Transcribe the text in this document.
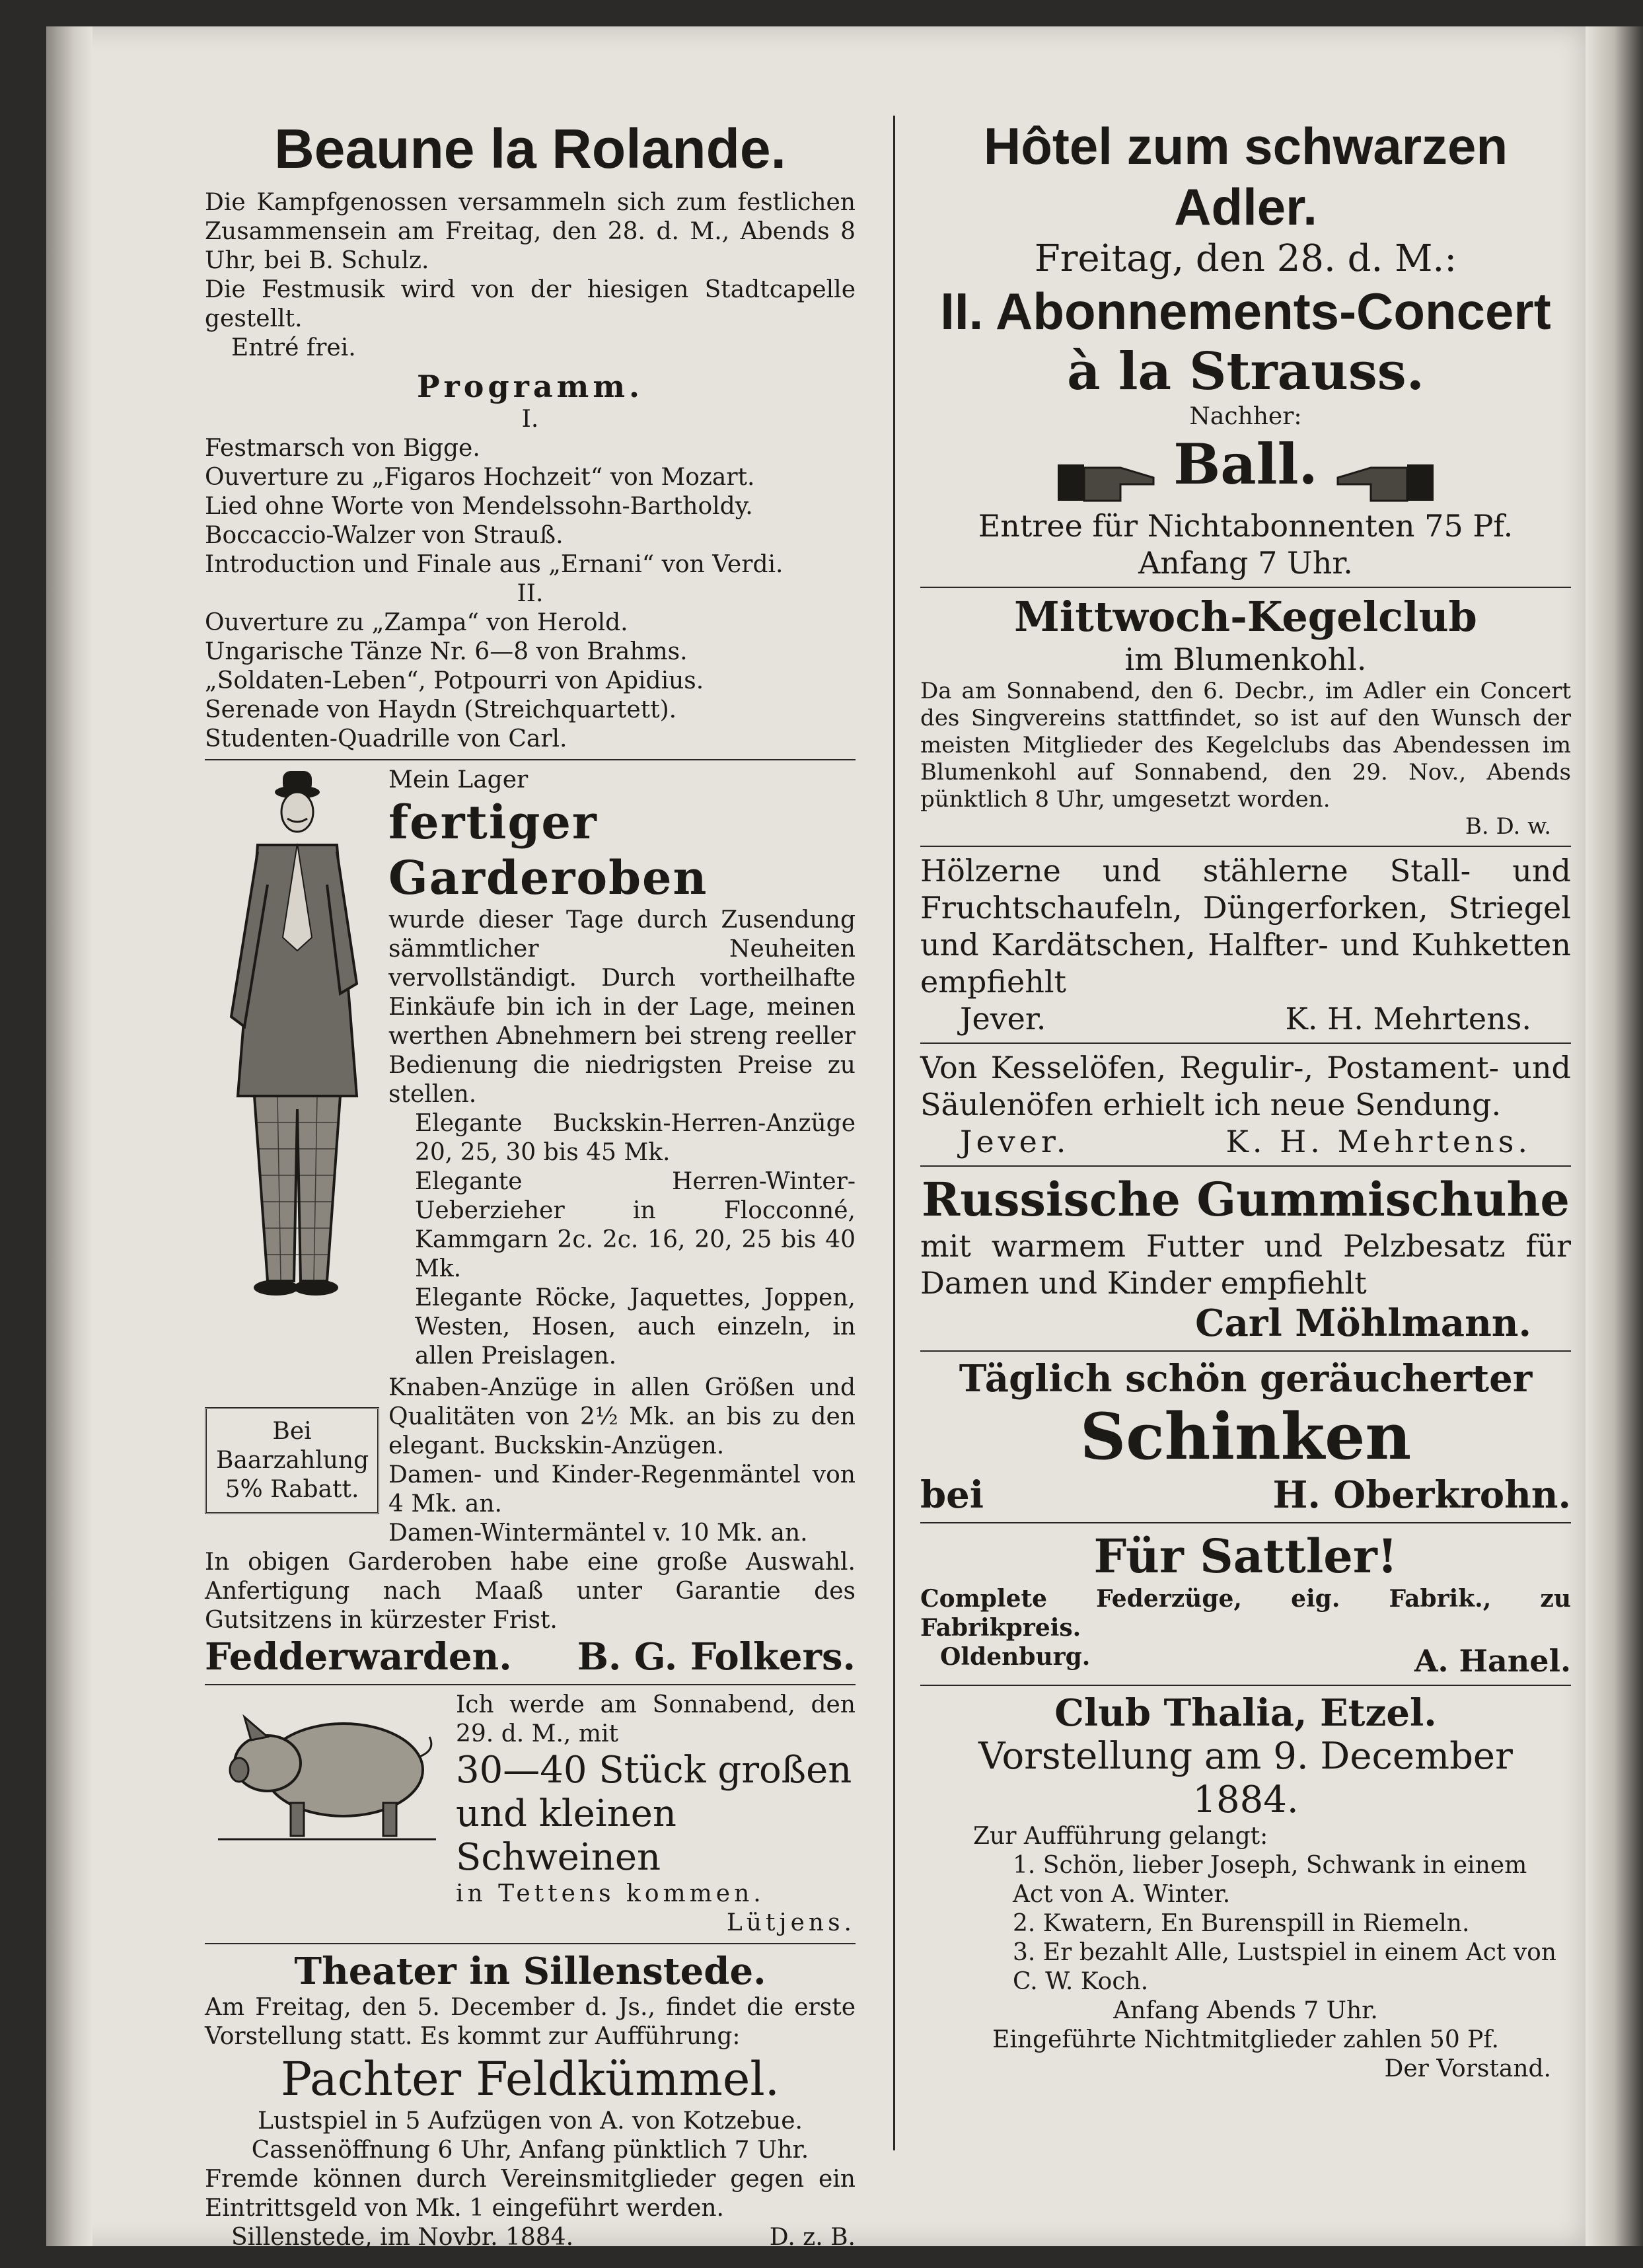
Beaune la Rolande.

Die Kampfgenossen versammeln sich zum festlichen Zusammensein am Freitag, den 28. d. M., Abends 8 Uhr, bei B. Schulz.

Die Festmusik wird von der hiesigen Stadtcapelle gestellt.

Entré frei.

Programm.

I.

Festmarsch von Bigge.

Ouverture zu „Figaros Hochzeit“ von Mozart.

Lied ohne Worte von Mendelssohn-Bartholdy.

Boccaccio-Walzer von Strauß.

Introduction und Finale aus „Ernani“ von Verdi.

II.

Ouverture zu „Zampa“ von Herold.

Ungarische Tänze Nr. 6—8 von Brahms.

„Soldaten-Leben“, Potpourri von Apidius.

Serenade von Haydn (Streichquartett).

Studenten-Quadrille von Carl.

Mein Lager

fertiger Garderoben

wurde dieser Tage durch Zusendung sämmtlicher Neuheiten vervollständigt. Durch vortheilhafte Einkäufe bin ich in der Lage, meinen werthen Abnehmern bei streng reeller Bedienung die niedrigsten Preise zu stellen.

Elegante Buckskin-Herren-Anzüge 20, 25, 30 bis 45 Mk.

Elegante Herren-Winter-Ueberzieher in Flocconné, Kammgarn 2c. 2c. 16, 20, 25 bis 40 Mk.

Elegante Röcke, Jaquettes, Joppen, Westen, Hosen, auch einzeln, in allen Preislagen.

Bei Baarzahlung 5% Rabatt.

Knaben-Anzüge in allen Größen und Qualitäten von 2½ Mk. an bis zu den elegant. Buckskin-Anzügen.

Damen- und Kinder-Regenmäntel von 4 Mk. an.

Damen-Wintermäntel v. 10 Mk. an.

In obigen Garderoben habe eine große Auswahl. Anfertigung nach Maaß unter Garantie des Gutsitzens in kürzester Frist.

Fedderwarden. B. G. Folkers.

Ich werde am Sonnabend, den 29. d. M., mit

30—40 Stück großen und kleinen Schweinen

in Tettens kommen.

Lütjens.

Theater in Sillenstede.

Am Freitag, den 5. December d. Js., findet die erste Vorstellung statt. Es kommt zur Aufführung:

Pachter Feldkümmel.

Lustspiel in 5 Aufzügen von A. von Kotzebue.

Cassenöffnung 6 Uhr, Anfang pünktlich 7 Uhr.

Fremde können durch Vereinsmitglieder gegen ein Eintrittsgeld von Mk. 1 eingeführt werden.

Sillenstede, im Novbr. 1884.	D. z. B.

Hôtel zum schwarzen Adler.

Freitag, den 28. d. M.:

II. Abonnements-Concert

à la Strauss.

Nachher:

Ball.

Entree für Nichtabonnenten 75 Pf.

Anfang 7 Uhr.

Mittwoch-Kegelclub

im Blumenkohl.

Da am Sonnabend, den 6. Decbr., im Adler ein Concert des Singvereins stattfindet, so ist auf den Wunsch der meisten Mitglieder des Kegelclubs das Abendessen im Blumenkohl auf Sonnabend, den 29. Nov., Abends pünktlich 8 Uhr, umgesetzt worden.

B. D. w.

Hölzerne und stählerne Stall- und Fruchtschaufeln, Düngerforken, Striegel und Kardätschen, Halfter- und Kuhketten empfiehlt

Jever.	K. H. Mehrtens.

Von Kesselöfen, Regulir-, Postament- und Säulenöfen erhielt ich neue Sendung.

Jever.	K. H. Mehrtens.

Russische Gummischuhe

mit warmem Futter und Pelzbesatz für Damen und Kinder empfiehlt

Carl Möhlmann.

Täglich schön geräucherter

Schinken

bei	H. Oberkrohn.

Für Sattler!

Complete Federzüge, eig. Fabrik., zu Fabrikpreis.

Oldenburg.	A. Hanel.

Club Thalia, Etzel.

Vorstellung am 9. December 1884.

Zur Aufführung gelangt:

1. Schön, lieber Joseph, Schwank in einem Act von A. Winter.

2. Kwatern, En Burenspill in Riemeln.

3. Er bezahlt Alle, Lustspiel in einem Act von C. W. Koch.

Anfang Abends 7 Uhr.

Eingeführte Nichtmitglieder zahlen 50 Pf.

Der Vorstand.
